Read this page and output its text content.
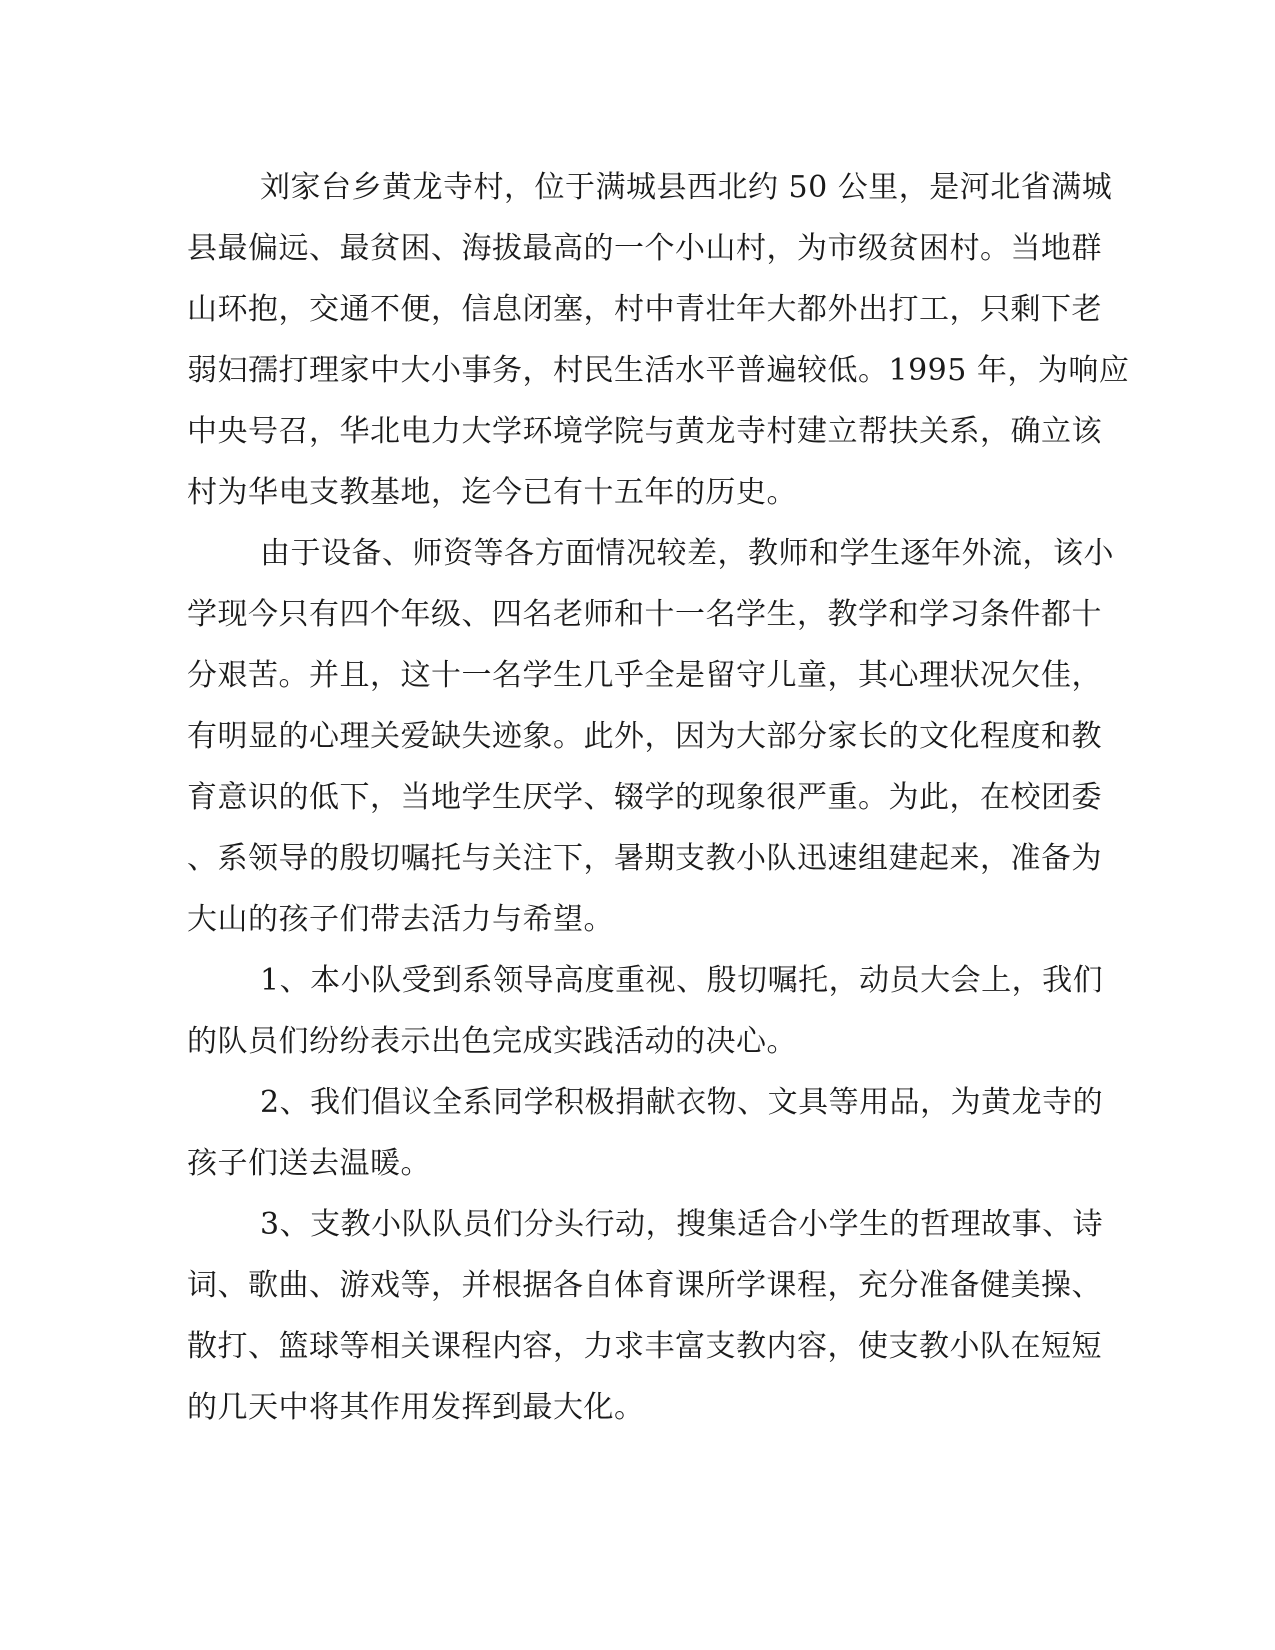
刘家台乡黄龙寺村，位于满城县西北约 50 公里，是河北省满城
县最偏远、最贫困、海拔最高的一个小山村，为市级贫困村。当地群
山环抱，交通不便，信息闭塞，村中青壮年大都外出打工，只剩下老
弱妇孺打理家中大小事务，村民生活水平普遍较低。1995 年，为响应
中央号召，华北电力大学环境学院与黄龙寺村建立帮扶关系，确立该
村为华电支教基地，迄今已有十五年的历史。
由于设备、师资等各方面情况较差，教师和学生逐年外流，该小
学现今只有四个年级、四名老师和十一名学生，教学和学习条件都十
分艰苦。并且，这十一名学生几乎全是留守儿童，其心理状况欠佳，
有明显的心理关爱缺失迹象。此外，因为大部分家长的文化程度和教
育意识的低下，当地学生厌学、辍学的现象很严重。为此，在校团委
、系领导的殷切嘱托与关注下，暑期支教小队迅速组建起来，准备为
大山的孩子们带去活力与希望。
1、本小队受到系领导高度重视、殷切嘱托，动员大会上，我们
的队员们纷纷表示出色完成实践活动的决心。
2、我们倡议全系同学积极捐献衣物、文具等用品，为黄龙寺的
孩子们送去温暖。
3、支教小队队员们分头行动，搜集适合小学生的哲理故事、诗
词、歌曲、游戏等，并根据各自体育课所学课程，充分准备健美操、
散打、篮球等相关课程内容，力求丰富支教内容，使支教小队在短短
的几天中将其作用发挥到最大化。
